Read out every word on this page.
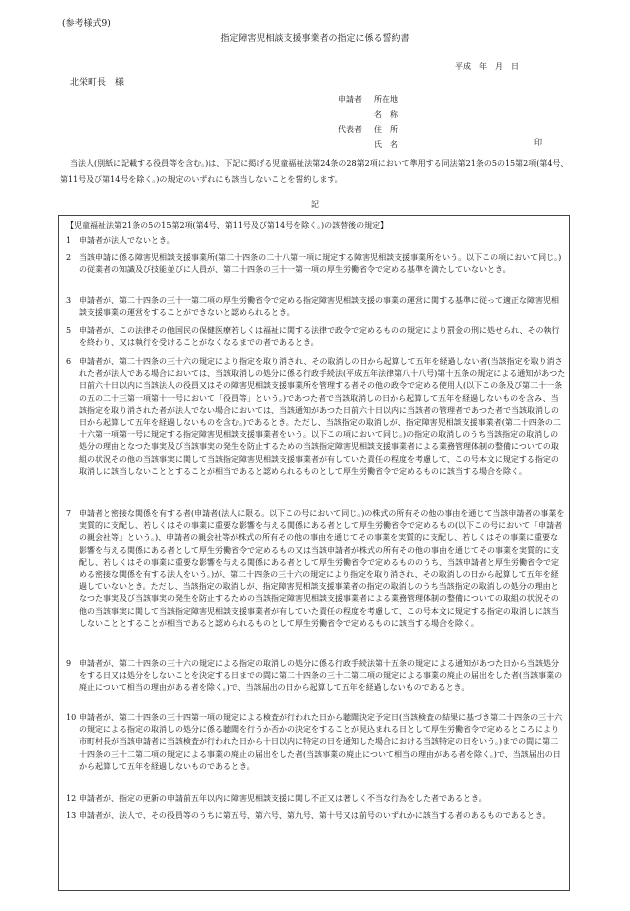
(参考様式9)
指定障害児相談支援事業者の指定に係る誓約書
平成　年　月　日
北栄町長　様
申請者 所在地
名　称
代表者 住　所
氏　名	印
当法人(別紙に記載する役員等を含む。)は、下記に掲げる児童福祉法第24条の28第2項において準用する同法第21条の5の15第2項(第4号、第11号及び第14号を除く。)の規定のいずれにも該当しないことを誓約します。
記
【児童福祉法第21条の5の15第2項(第4号、第11号及び第14号を除く。)の該替後の規定】
1 申請者が法人でないとき。
2 当該申請に係る障害児相談支援事業所(第二十四条の二十八第一項に規定する障害児相談支援事業所をいう。以下この項において同じ。)の従業者の知識及び技能並びに人員が、第二十四条の三十一第一項の厚生労働省令で定める基準を満たしていないとき。
3 申請者が、第二十四条の三十一第二項の厚生労働省令で定める指定障害児相談支援の事業の運営に関する基準に従って適正な障害児相談支援事業の運営をすることができないと認められるとき。
5 申請者が、この法律その他国民の保健医療若しくは福祉に関する法律で政令で定めるものの規定により罰金の刑に処せられ、その執行を終わり、又は執行を受けることがなくなるまでの者であるとき。
6 申請者が、第二十四条の三十六の規定により指定を取り消され、その取消しの日から起算して五年を経過しない者(当該指定を取り消された者が法人である場合においては、当該取消しの処分に係る行政手続法(平成五年法律第八十八号)第十五条の規定による通知があつた日前六十日以内に当該法人の役員又はその障害児相談支援事業所を管理する者その他の政令で定める使用人(以下この条及び第二十一条の五の二十三第一項第十一号において「役員等」という。)であつた者で当該取消しの日から起算して五年を経過しないものを含み、当該指定を取り消された者が法人でない場合においては、当該通知があつた日前六十日以内に当該者の管理者であつた者で当該取消しの日から起算して五年を経過しないものを含む。)であるとき。ただし、当該指定の取消しが、指定障害児相談支援事業者(第二十四条の二十六第一項第一号に規定する指定障害児相談支援事業者をいう。以下この項において同じ。)の指定の取消しのうち当該指定の取消しの処分の理由となつた事実及び当該事実の発生を防止するための当該指定障害児相談支援事業者による業務管理体制の整備についての取組の状況その他の当該事実に関して当該指定障害児相談支援事業者が有していた責任の程度を考慮して、この号本文に規定する指定の取消しに該当しないこととすることが相当であると認められるものとして厚生労働省令で定めるものに該当する場合を除く。
7 申請者と密接な関係を有する者(申請者(法人に限る。以下この号において同じ。)の株式の所有その他の事由を通じて当該申請者の事業を実質的に支配し、若しくはその事業に重要な影響を与える関係にある者として厚生労働省令で定めるもの(以下この号において「申請者の親会社等」という。)、申請者の親会社等が株式の所有その他の事由を通じてその事業を実質的に支配し、若しくはその事業に重要な影響を与える関係にある者として厚生労働省令で定めるもの又は当該申請者が株式の所有その他の事由を通じてその事業を実質的に支配し、若しくはその事業に重要な影響を与える関係にある者として厚生労働省令で定めるもののうち、当該申請者と厚生労働省令で定める密接な関係を有する法人をいう。)が、第二十四条の三十六の規定により指定を取り消され、その取消しの日から起算して五年を経過していないとき。ただし、当該指定の取消しが、指定障害児相談支援事業者の指定の取消しのうち当該指定の取消しの処分の理由となつた事実及び当該事実の発生を防止するための当該指定障害児相談支援事業者による業務管理体制の整備についての取組の状況その他の当該事実に関して当該指定障害児相談支援事業者が有していた責任の程度を考慮して、この号本文に規定する指定の取消しに該当しないこととすることが相当であると認められるものとして厚生労働省令で定めるものに該当する場合を除く。
9 申請者が、第二十四条の三十六の規定による指定の取消しの処分に係る行政手続法第十五条の規定による通知があつた日から当該処分をする日又は処分をしないことを決定する日までの間に第二十四条の三十二第二項の規定による事業の廃止の届出をした者(当該事業の廃止について相当の理由がある者を除く。)で、当該届出の日から起算して五年を経過しないものであるとき。
10 申請者が、第二十四条の三十四第一項の規定による検査が行われた日から聴聞決定予定日(当該検査の結果に基づき第二十四条の三十六の規定による指定の取消しの処分に係る聴聞を行うか否かの決定をすることが見込まれる日として厚生労働省令で定めるところにより市町村長が当該申請者に当該検査が行われた日から十日以内に特定の日を通知した場合における当該特定の日をいう。)までの間に第二十四条の三十二第二項の規定による事業の廃止の届出をした者(当該事業の廃止について相当の理由がある者を除く。)で、当該届出の日から起算して五年を経過しないものであるとき。
12 申請者が、指定の更新の申請前五年以内に障害児相談支援に関し不正又は著しく不当な行為をした者であるとき。
13 申請者が、法人で、その役員等のうちに第五号、第六号、第九号、第十号又は前号のいずれかに該当する者のあるものであるとき。
